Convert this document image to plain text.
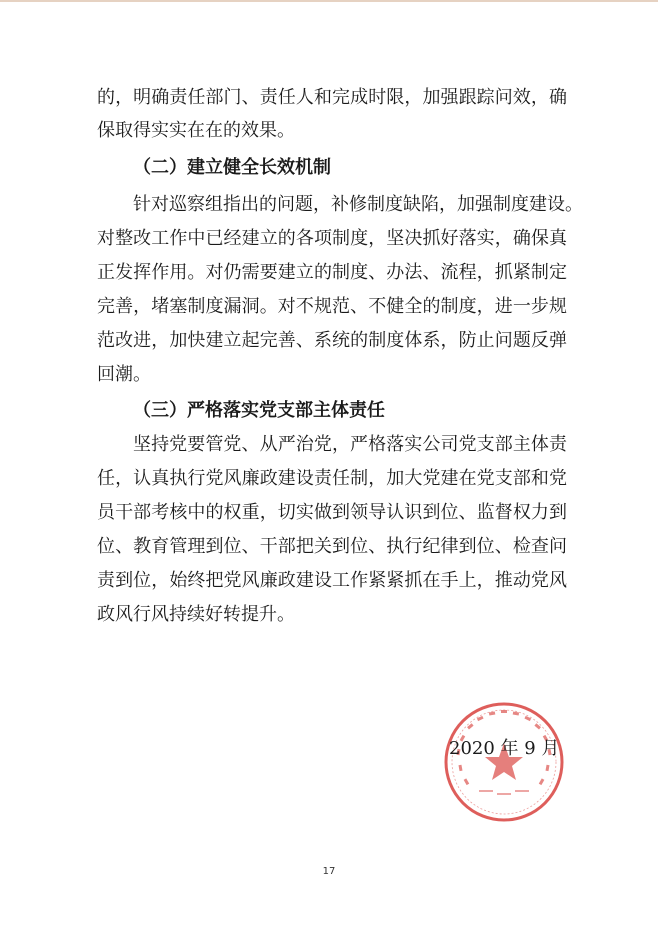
的，明确责任部门、责任人和完成时限，加强跟踪问效，确
保取得实实在在的效果。
（二）建立健全长效机制
针对巡察组指出的问题，补修制度缺陷，加强制度建设。
对整改工作中已经建立的各项制度，坚决抓好落实，确保真
正发挥作用。对仍需要建立的制度、办法、流程，抓紧制定
完善，堵塞制度漏洞。对不规范、不健全的制度，进一步规
范改进，加快建立起完善、系统的制度体系，防止问题反弹
回潮。
（三）严格落实党支部主体责任
坚持党要管党、从严治党，严格落实公司党支部主体责
任，认真执行党风廉政建设责任制，加大党建在党支部和党
员干部考核中的权重，切实做到领导认识到位、监督权力到
位、教育管理到位、干部把关到位、执行纪律到位、检查问
责到位，始终把党风廉政建设工作紧紧抓在手上，推动党风
政风行风持续好转提升。
2020 年 9 月
17
